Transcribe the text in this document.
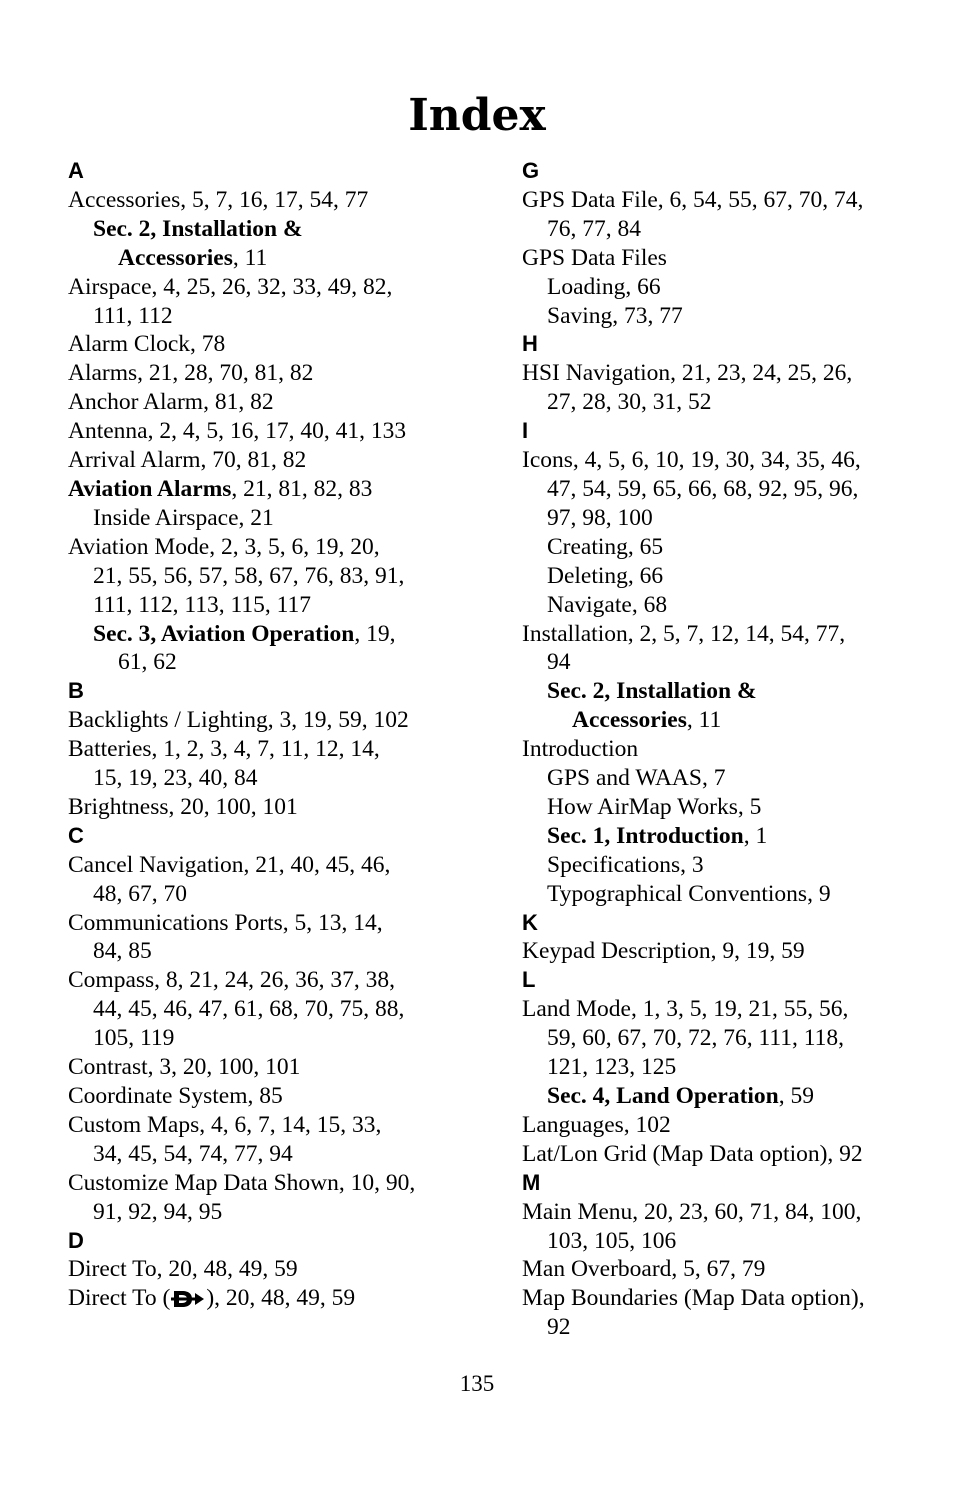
Index
A
Accessories, 5, 7, 16, 17, 54, 77
Sec. 2, Installation &
Accessories, 11
Airspace, 4, 25, 26, 32, 33, 49, 82,
111, 112
Alarm Clock, 78
Alarms, 21, 28, 70, 81, 82
Anchor Alarm, 81, 82
Antenna, 2, 4, 5, 16, 17, 40, 41, 133
Arrival Alarm, 70, 81, 82
Aviation Alarms, 21, 81, 82, 83
Inside Airspace, 21
Aviation Mode, 2, 3, 5, 6, 19, 20,
21, 55, 56, 57, 58, 67, 76, 83, 91,
111, 112, 113, 115, 117
Sec. 3, Aviation Operation, 19,
61, 62
B
Backlights / Lighting, 3, 19, 59, 102
Batteries, 1, 2, 3, 4, 7, 11, 12, 14,
15, 19, 23, 40, 84
Brightness, 20, 100, 101
C
Cancel Navigation, 21, 40, 45, 46,
48, 67, 70
Communications Ports, 5, 13, 14,
84, 85
Compass, 8, 21, 24, 26, 36, 37, 38,
44, 45, 46, 47, 61, 68, 70, 75, 88,
105, 119
Contrast, 3, 20, 100, 101
Coordinate System, 85
Custom Maps, 4, 6, 7, 14, 15, 33,
34, 45, 54, 74, 77, 94
Customize Map Data Shown, 10, 90,
91, 92, 94, 95
D
Direct To, 20, 48, 49, 59
Direct To ( ), 20, 48, 49, 59
G
GPS Data File, 6, 54, 55, 67, 70, 74,
76, 77, 84
GPS Data Files
Loading, 66
Saving, 73, 77
H
HSI Navigation, 21, 23, 24, 25, 26,
27, 28, 30, 31, 52
I
Icons, 4, 5, 6, 10, 19, 30, 34, 35, 46,
47, 54, 59, 65, 66, 68, 92, 95, 96,
97, 98, 100
Creating, 65
Deleting, 66
Navigate, 68
Installation, 2, 5, 7, 12, 14, 54, 77,
94
Sec. 2, Installation &
Accessories, 11
Introduction
GPS and WAAS, 7
How AirMap Works, 5
Sec. 1, Introduction, 1
Specifications, 3
Typographical Conventions, 9
K
Keypad Description, 9, 19, 59
L
Land Mode, 1, 3, 5, 19, 21, 55, 56,
59, 60, 67, 70, 72, 76, 111, 118,
121, 123, 125
Sec. 4, Land Operation, 59
Languages, 102
Lat/Lon Grid (Map Data option), 92
M
Main Menu, 20, 23, 60, 71, 84, 100,
103, 105, 106
Man Overboard, 5, 67, 79
Map Boundaries (Map Data option),
92
135
